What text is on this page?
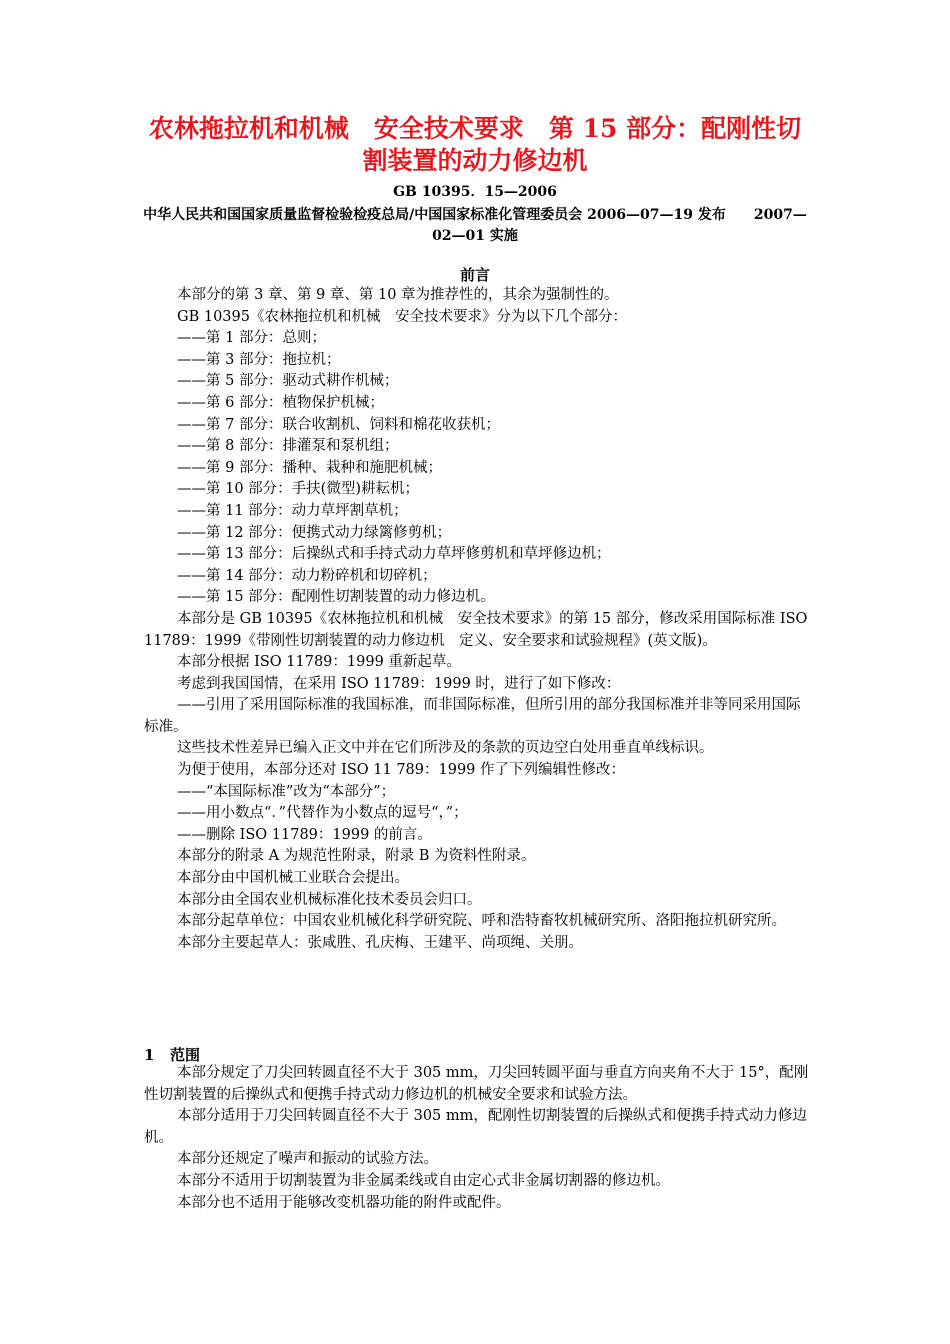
农林拖拉机和机械　安全技术要求　第 15 部分：配刚性切割装置的动力修边机
GB 10395．15—2006
中华人民共和国国家质量监督检验检疫总局/中国国家标准化管理委员会 2006—07—19 发布　　2007—02—01 实施
前言

本部分的第 3 章、第 9 章、第 10 章为推荐性的，其余为强制性的。

GB 10395《农林拖拉机和机械　安全技术要求》分为以下几个部分：

——第 1 部分：总则；

——第 3 部分：拖拉机；

——第 5 部分：驱动式耕作机械；

——第 6 部分：植物保护机械；

——第 7 部分：联合收割机、饲料和棉花收获机；

——第 8 部分：排灌泵和泵机组；

——第 9 部分：播种、栽种和施肥机械；

——第 10 部分：手扶(微型)耕耘机；

——第 11 部分：动力草坪割草机；

——第 12 部分：便携式动力绿篱修剪机；

——第 13 部分：后操纵式和手持式动力草坪修剪机和草坪修边机；

——第 14 部分：动力粉碎机和切碎机；

——第 15 部分：配刚性切割装置的动力修边机。

本部分是 GB 10395《农林拖拉机和机械　安全技术要求》的第 15 部分，修改采用国际标准 ISO 11789：1999《带刚性切割装置的动力修边机　定义、安全要求和试验规程》(英文版)。

本部分根据 ISO 11789：1999 重新起草。

考虑到我国国情，在采用 ISO 11789：1999 时，进行了如下修改：

——引用了采用国际标准的我国标准，而非国际标准，但所引用的部分我国标准并非等同采用国际标准。

这些技术性差异已编入正文中并在它们所涉及的条款的页边空白处用垂直单线标识。

为便于使用，本部分还对 ISO 11 789：1999 作了下列编辑性修改：

——“本国际标准”改为“本部分”；

——用小数点“．”代替作为小数点的逗号“，”；

——删除 ISO 11789：1999 的前言。

本部分的附录 A 为规范性附录，附录 B 为资料性附录。

本部分由中国机械工业联合会提出。

本部分由全国农业机械标准化技术委员会归口。

本部分起草单位：中国农业机械化科学研究院、呼和浩特畜牧机械研究所、洛阳拖拉机研究所。

本部分主要起草人：张咸胜、孔庆梅、王建平、尚项绳、关朋。

1 范围

本部分规定了刀尖回转圆直径不大于 305 mm，刀尖回转圆平面与垂直方向夹角不大于 15°，配刚性切割装置的后操纵式和便携手持式动力修边机的机械安全要求和试验方法。

本部分适用于刀尖回转圆直径不大于 305 mm，配刚性切割装置的后操纵式和便携手持式动力修边机。

本部分还规定了噪声和振动的试验方法。

本部分不适用于切割装置为非金属柔线或自由定心式非金属切割器的修边机。

本部分也不适用于能够改变机器功能的附件或配件。
